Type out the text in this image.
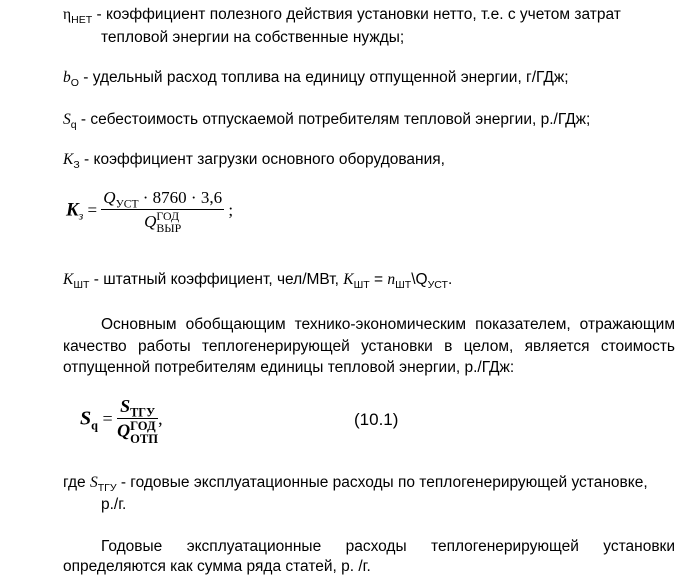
$\eta_{НЕТ}$ - коэффициент полезного действия установки нетто, т.е. с учетом затрат
тепловой энергии на собственные нужды;
$b_О$ - удельный расход топлива на единицу отпущенной энергии, г/ГДж;
$S_q$ - себестоимость отпускаемой потребителям тепловой энергии, р./ГДж;
$K_З$ - коэффициент загрузки основного оборудования,
$K_з = Q_{УСТ} \cdot 8760 \cdot 3,6$
Q ГОД
ВЫР ;
$K_{ШТ}$ - штатный коэффициент, чел/МВт, $K_{ШТ}$ = $n_{ШТ}\backslash Q_{УСТ}$.
Основным обобщающим технико-экономическим показателем, отражающим
качество работы теплогенерирующей установки в целом, является стоимость
отпущенной потребителям единицы тепловой энергии, р./ГДж:
$S_q = S_{ТГУ}$
Q ГОД
ОТП ,	(10.1)
где $S_{ТГУ}$ - годовые эксплуатационные расходы по теплогенерирующей установке,
р./г.
Годовые эксплуатационные расходы теплогенерирующей установки
определяются как сумма ряда статей, р. /г.
